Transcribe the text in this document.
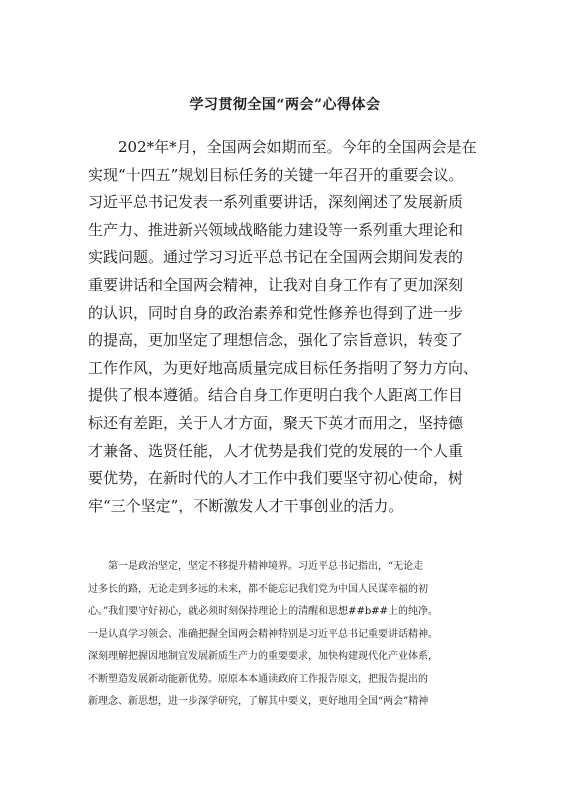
学习贯彻全国“两会”心得体会
　　202*年*月，全国两会如期而至。今年的全国两会是在
实现“十四五”规划目标任务的关键一年召开的重要会议。
习近平总书记发表一系列重要讲话，深刻阐述了发展新质
生产力、推进新兴领域战略能力建设等一系列重大理论和
实践问题。通过学习习近平总书记在全国两会期间发表的
重要讲话和全国两会精神，让我对自身工作有了更加深刻
的认识，同时自身的政治素养和党性修养也得到了进一步
的提高，更加坚定了理想信念，强化了宗旨意识，转变了
工作作风，为更好地高质量完成目标任务指明了努力方向、
提供了根本遵循。结合自身工作更明白我个人距离工作目
标还有差距，关于人才方面，聚天下英才而用之，坚持德
才兼备、选贤任能，人才优势是我们党的发展的一个人重
要优势，在新时代的人才工作中我们要坚守初心使命，树
牢“三个坚定”，不断激发人才干事创业的活力。
　　第一是政治坚定，坚定不移提升精神境界。习近平总书记指出，“无论走
过多长的路，无论走到多远的未来，都不能忘记我们党为中国人民谋幸福的初
心。”我们要守好初心，就必须时刻保持理论上的清醒和思想##b##上的纯净。
一是认真学习领会、准确把握全国两会精神特别是习近平总书记重要讲话精神。
深刻理解把握因地制宜发展新质生产力的重要要求，加快构建现代化产业体系，
不断塑造发展新动能新优势。原原本本通读政府工作报告原文，把报告提出的
新理念、新思想，进一步深学研究，了解其中要义，更好地用全国“两会”精神
